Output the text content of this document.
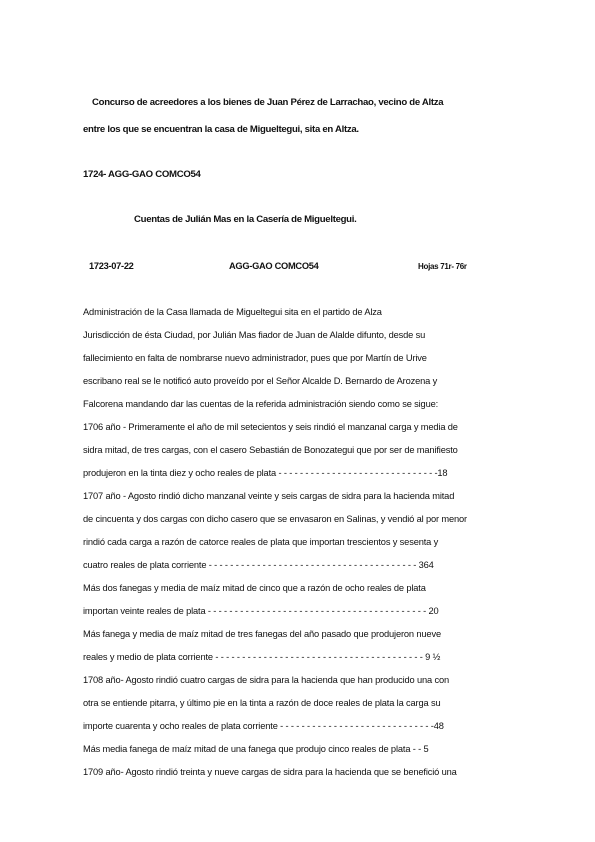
Concurso de acreedores a los bienes de Juan Pérez de Larrachao, vecino de Altza
entre los que se encuentran la casa de Migueltegui, sita en Altza.
1724- AGG-GAO COMCO54
Cuentas de Julián Mas en la Casería de Migueltegui.
1723-07-22	AGG-GAO COMCO54	Hojas 71r- 76r
Administración de la Casa llamada de Migueltegui sita en el partido de Alza
Jurisdicción de ésta Ciudad, por Julián Mas fiador de Juan de Alalde difunto, desde su
fallecimiento en falta de nombrarse nuevo administrador, pues que por Martín de Urive
escribano real se le notificó auto proveído por el Señor Alcalde D. Bernardo de Arozena y
Falcorena mandando dar las cuentas de la referida administración siendo como se sigue:
1706 año - Primeramente el año de mil setecientos y seis rindió el manzanal carga y media de
sidra mitad, de tres cargas, con el casero Sebastián de Bonozategui que por ser de manifiesto
produjeron en la tinta diez y ocho reales de plata - - - - - - - - - - - - - - - - - - - - - - - - - - - - - -18
1707 año - Agosto rindió dicho manzanal veinte y seis cargas de sidra para la hacienda mitad
de cincuenta y dos cargas con dicho casero que se envasaron en Salinas, y vendió al por menor
rindió cada carga a razón de catorce reales de plata que importan trescientos y sesenta y
cuatro reales de plata corriente - - - - - - - - - - - - - - - - - - - - - - - - - - - - - - - - - - - - - - - 364
Más dos fanegas y media de maíz mitad de cinco que a razón de ocho reales de plata
importan veinte reales de plata - - - - - - - - - - - - - - - - - - - - - - - - - - - - - - - - - - - - - - - - - 20
Más fanega y media de maíz mitad de tres fanegas del año pasado que produjeron nueve
reales y medio de plata corriente - - - - - - - - - - - - - - - - - - - - - - - - - - - - - - - - - - - - - - - 9 ½
1708 año- Agosto rindió cuatro cargas de sidra para la hacienda que han producido una con
otra se entiende pitarra, y último pie en la tinta a razón de doce reales de plata la carga su
importe cuarenta y ocho reales de plata corriente - - - - - - - - - - - - - - - - - - - - - - - - - - - - -48
Más media fanega de maíz mitad de una fanega que produjo cinco reales de plata - - 5
1709 año- Agosto rindió treinta y nueve cargas de sidra para la hacienda que se benefició una
